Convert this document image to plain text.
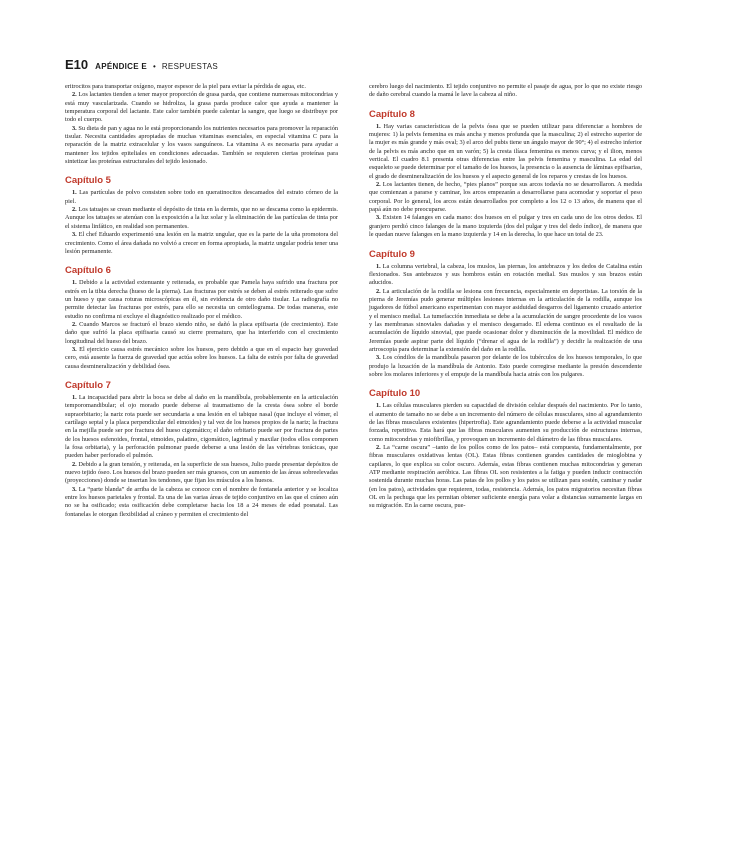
E10 APÉNDICE E • RESPUESTAS

eritrocitos para transportar oxígeno, mayor espesor de la piel para evitar la pérdida de agua, etc.

2. Los lactantes tienden a tener mayor proporción de grasa parda, que contiene numerosas mitocondrias y está muy vascularizada. Cuando se hidroliza, la grasa parda produce calor que ayuda a mantener la temperatura corporal del lactante. Este calor también puede calentar la sangre, que luego se distribuye por todo el cuerpo.

3. Su dieta de pan y agua no le está proporcionando los nutrientes necesarios para promover la reparación tisular. Necesita cantidades apropiadas de muchas vitaminas esenciales, en especial vitamina C para la reparación de la matriz extracelular y los vasos sanguíneos. La vitamina A es necesaria para ayudar a mantener los tejidos epiteliales en condiciones adecuadas. También se requieren ciertas proteínas para sintetizar las proteínas estructurales del tejido lesionado.

Capítulo 5

1. Las partículas de polvo consisten sobre todo en queratinocitos descamados del estrato córneo de la piel.

2. Los tatuajes se crean mediante el depósito de tinta en la dermis, que no se descama como la epidermis. Aunque los tatuajes se atenúan con la exposición a la luz solar y la eliminación de las partículas de tinta por el sistema linfático, en realidad son permanentes.

3. El chef Eduardo experimentó una lesión en la matriz ungular, que es la parte de la uña promotora del crecimiento. Como el área dañada no volvió a crecer en forma apropiada, la matriz ungular podría tener una lesión permanente.

Capítulo 6

1. Debido a la actividad extenuante y reiterada, es probable que Pamela haya sufrido una fractura por estrés en la tibia derecha (hueso de la pierna). Las fracturas por estrés se deben al estrés reiterado que sufre un hueso y que causa roturas microscópicas en él, sin evidencia de otro daño tisular. La radiografía no permite detectar las fracturas por estrés, para ello se necesita un centellograma. De todas maneras, este estudio no confirma ni excluye el diagnóstico realizado por el médico.

2. Cuando Marcos se fracturó el brazo siendo niño, se dañó la placa epifisaria (de crecimiento). Este daño que sufrió la placa epifisaria causó su cierre prematuro, que ha interferido con el crecimiento longitudinal del hueso del brazo.

3. El ejercicio causa estrés mecánico sobre los huesos, pero debido a que en el espacio hay gravedad cero, está ausente la fuerza de gravedad que actúa sobre los huesos. La falta de estrés por falta de gravedad causa desmineralización y debilidad ósea.

Capítulo 7

1. La incapacidad para abrir la boca se debe al daño en la mandíbula, probablemente en la articulación temporomandibular; el ojo morado puede deberse al traumatismo de la cresta ósea sobre el borde supraorbitario; la nariz rota puede ser secundaria a una lesión en el tabique nasal (que incluye el vómer, el cartílago septal y la placa perpendicular del etmoides) y tal vez de los huesos propios de la nariz; la fractura en la mejilla puede ser por fractura del hueso cigomático; el daño orbitario puede ser por fractura de partes de los huesos esfenoides, frontal, etmoides, palatino, cigomático, lagrimal y maxilar (todos ellos componen la fosa orbitaria), y la perforación pulmonar puede deberse a una lesión de las vértebras torácicas, que pueden haber perforado el pulmón.

2. Debido a la gran tensión, y reiterada, en la superficie de sus huesos, Julio puede presentar depósitos de nuevo tejido óseo. Los huesos del brazo pueden ser más gruesos, con un aumento de las áreas sobreelevadas (proyecciones) donde se insertan los tendones, que fijan los músculos a los huesos.

3. La “parte blanda” de arriba de la cabeza se conoce con el nombre de fontanela anterior y se localiza entre los huesos parietales y frontal. Es una de las varias áreas de tejido conjuntivo en las que el cráneo aún no se ha osificado; esta osificación debe completarse hacia los 18 a 24 meses de edad posnatal. Las fontanelas le otorgan flexibilidad al cráneo y permiten el crecimiento del

cerebro luego del nacimiento. El tejido conjuntivo no permite el pasaje de agua, por lo que no existe riesgo de daño cerebral cuando la mamá le lave la cabeza al niño.

Capítulo 8

1. Hay varias características de la pelvis ósea que se pueden utilizar para diferenciar a hombres de mujeres: 1) la pelvis femenina es más ancha y menos profunda que la masculina; 2) el estrecho superior de la mujer es más grande y más oval; 3) el arco del pubis tiene un ángulo mayor de 90°; 4) el estrecho inferior de la pelvis es más ancho que en un varón; 5) la cresta ilíaca femenina es menos curva; y el ilion, menos vertical. El cuadro 8.1 presenta otras diferencias entre las pelvis femenina y masculina. La edad del esqueleto se puede determinar por el tamaño de los huesos, la presencia o la ausencia de láminas epifisarias, el grado de desmineralización de los huesos y el aspecto general de los reparos y crestas de los huesos.

2. Los lactantes tienen, de hecho, “pies planos” porque sus arcos todavía no se desarrollaron. A medida que comienzan a pararse y caminar, los arcos empezarán a desarrollarse para acomodar y soportar el peso corporal. Por lo general, los arcos están desarrollados por completo a los 12 o 13 años, de manera que el papá aún no debe preocuparse.

3. Existen 14 falanges en cada mano: dos huesos en el pulgar y tres en cada uno de los otros dedos. El granjero perdió cinco falanges de la mano izquierda (dos del pulgar y tres del dedo índice), de manera que le quedan nueve falanges en la mano izquierda y 14 en la derecha, lo que hace un total de 23.

Capítulo 9

1. La columna vertebral, la cabeza, los muslos, las piernas, los antebrazos y los dedos de Catalina están flexionados. Sus antebrazos y sus hombros están en rotación medial. Sus muslos y sus brazos están aducidos.

2. La articulación de la rodilla se lesiona con frecuencia, especialmente en deportistas. La torsión de la pierna de Jeremías pudo generar múltiples lesiones internas en la articulación de la rodilla, aunque los jugadores de fútbol americano experimentan con mayor asiduidad desgarros del ligamento cruzado anterior y el menisco medial. La tumefacción inmediata se debe a la acumulación de sangre procedente de los vasos y las membranas sinoviales dañadas y el menisco desgarrado. El edema continuo es el resultado de la acumulación de líquido sinovial, que puede ocasionar dolor y disminución de la movilidad. El médico de Jeremías puede aspirar parte del líquido (“drenar el agua de la rodilla”) y decidir la realización de una artroscopia para determinar la extensión del daño en la rodilla.

3. Los cóndilos de la mandíbula pasaron por delante de los tubérculos de los huesos temporales, lo que produjo la luxación de la mandíbula de Antonio. Esto puede corregirse mediante la presión descendente sobre los molares inferiores y el empuje de la mandíbula hacia atrás con los pulgares.

Capítulo 10

1. Las células musculares pierden su capacidad de división celular después del nacimiento. Por lo tanto, el aumento de tamaño no se debe a un incremento del número de células musculares, sino al agrandamiento de las fibras musculares existentes (hipertrofia). Este agrandamiento puede deberse a la actividad muscular forzada, repetitiva. Esta hará que las fibras musculares aumenten su producción de estructuras internas, como mitocondrias y miofibrillas, y provoquen un incremento del diámetro de las fibras musculares.

2. La “carne oscura” –tanto de los pollos como de los patos– está compuesta, fundamentalmente, por fibras musculares oxidativas lentas (OL). Estas fibras contienen grandes cantidades de mioglobina y capilares, lo que explica su color oscuro. Además, estas fibras contienen muchas mitocondrias y generan ATP mediante respiración aeróbica. Las fibras OL son resistentes a la fatiga y pueden inducir contracción sostenida durante muchas horas. Las patas de los pollos y los patos se utilizan para sostén, caminar y nadar (en los patos), actividades que requieren, todas, resistencia. Además, los patos migratorios necesitan fibras OL en la pechuga que les permitan obtener suficiente energía para volar a distancias sumamente largas en su migración. En la carne oscura, pue-
